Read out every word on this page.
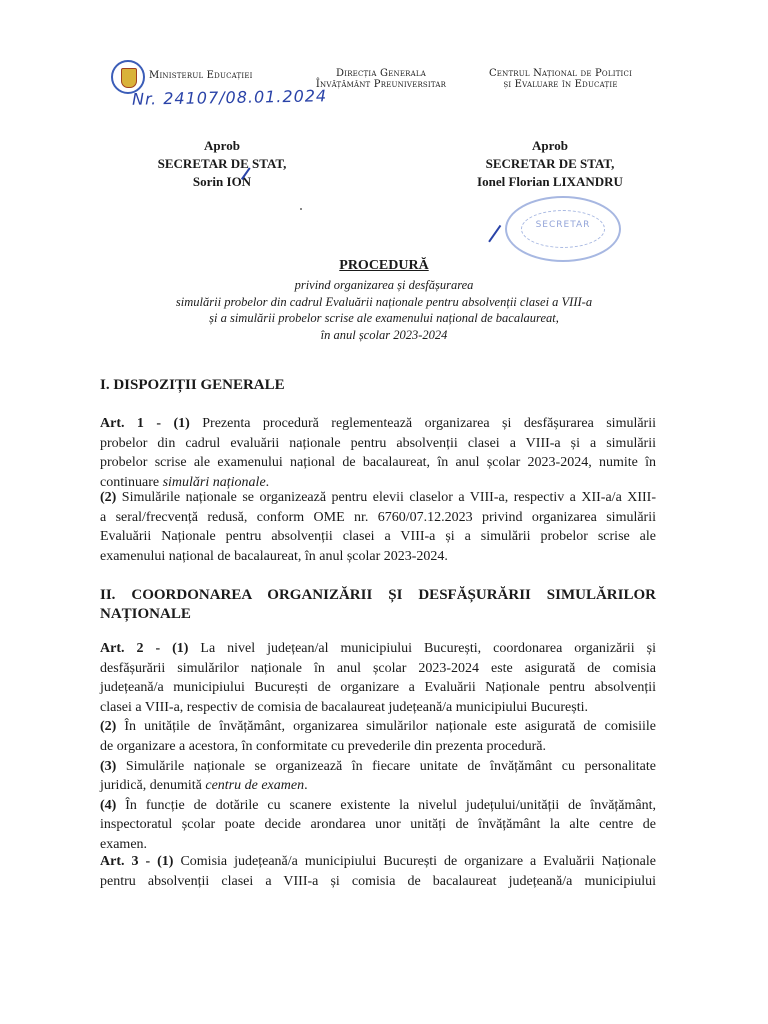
Ministerul Educației	Direcția Generala
Învățământ Preuniversitar
Centrul Național de Politici
și Evaluare în Educație
Nr. 24107/08.01.2024
Aprob
SECRETAR DE STAT,
Sorin ION
Aprob
SECRETAR DE STAT,
Ionel Florian LIXANDRU
SECRETAR
PROCEDURĂ
privind organizarea și desfășurarea
simulării probelor din cadrul Evaluării naționale pentru absolvenții clasei a VIII-a
și a simulării probelor scrise ale examenului național de bacalaureat,
în anul școlar 2023-2024
I. DISPOZIȚII GENERALE
Art. 1 - (1) Prezenta procedură reglementează organizarea și desfășurarea simulării
probelor din cadrul evaluării naționale pentru absolvenții clasei a VIII-a și a simulării
probelor scrise ale examenului național de bacalaureat, în anul școlar 2023-2024, numite în
continuare simulări naționale.
(2) Simulările naționale se organizează pentru elevii claselor a VIII-a, respectiv a XII-a/a XIII-
a seral/frecvență redusă, conform OME nr. 6760/07.12.2023 privind organizarea simulării
Evaluării Naționale pentru absolvenții clasei a VIII-a și a simulării probelor scrise ale
examenului național de bacalaureat, în anul școlar 2023-2024.
II. COORDONAREA ORGANIZĂRII ȘI DESFĂȘURĂRII SIMULĂRILOR
NAȚIONALE
Art. 2 - (1) La nivel județean/al municipiului București, coordonarea organizării și
desfășurării simulărilor naționale în anul școlar 2023-2024 este asigurată de comisia
județeană/a municipiului București de organizare a Evaluării Naționale pentru absolvenții
clasei a VIII-a, respectiv de comisia de bacalaureat județeană/a municipiului București.
(2) În unitățile de învățământ, organizarea simulărilor naționale este asigurată de comisiile
de organizare a acestora, în conformitate cu prevederile din prezenta procedură.
(3) Simulările naționale se organizează în fiecare unitate de învățământ cu personalitate
juridică, denumită centru de examen.
(4) În funcție de dotările cu scanere existente la nivelul județului/unității de învățământ,
inspectoratul școlar poate decide arondarea unor unități de învățământ la alte centre de
examen.
Art. 3 - (1) Comisia județeană/a municipiului București de organizare a Evaluării Naționale
pentru absolvenții clasei a VIII-a și comisia de bacalaureat județeană/a municipiului
